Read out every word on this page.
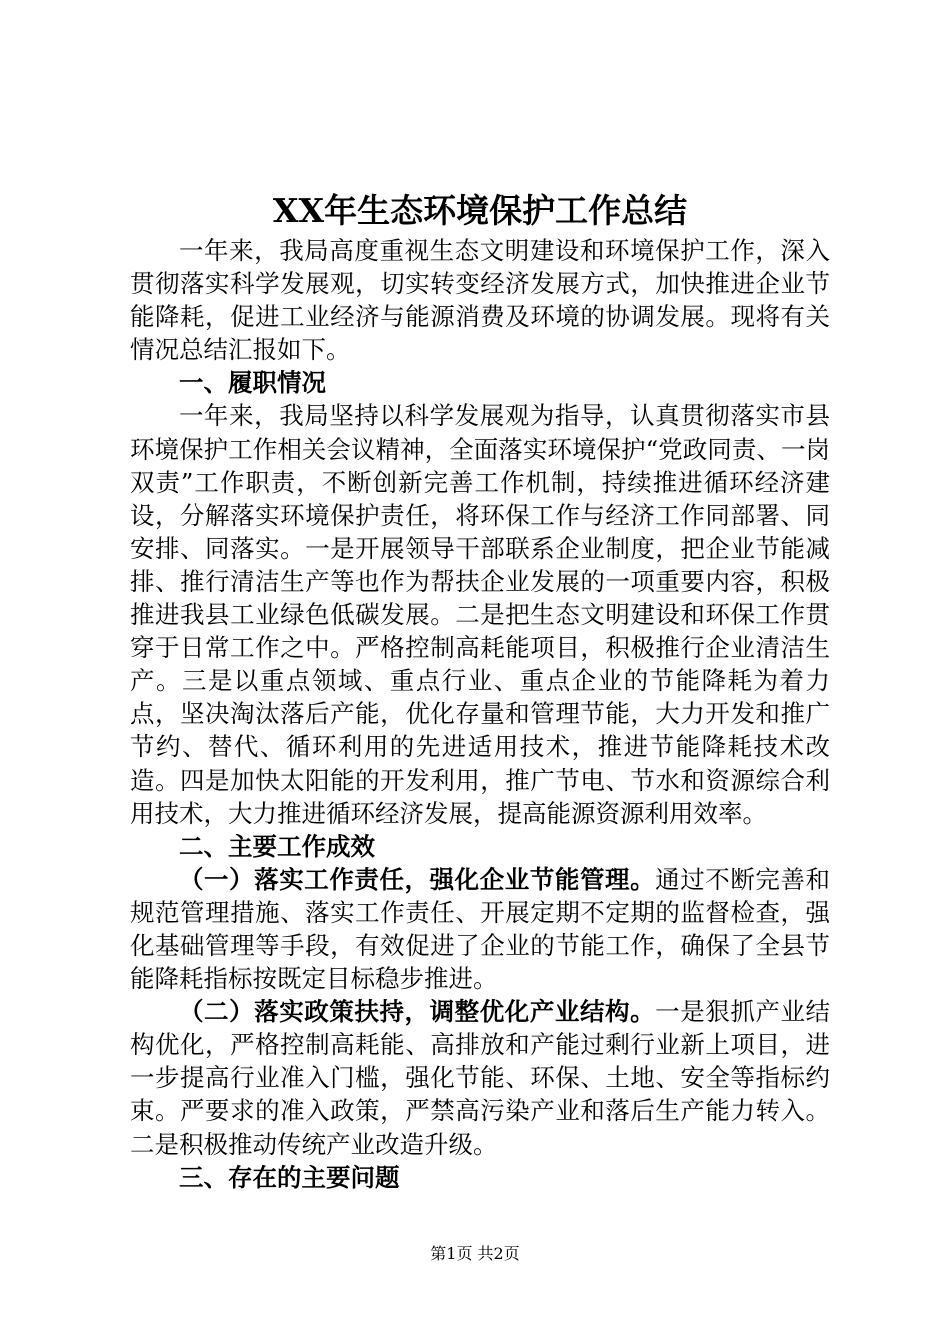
XX年生态环境保护工作总结

一年来，我局高度重视生态文明建设和环境保护工作，深入贯彻落实科学发展观，切实转变经济发展方式，加快推进企业节能降耗，促进工业经济与能源消费及环境的协调发展。现将有关情况总结汇报如下。

一、履职情况

一年来，我局坚持以科学发展观为指导，认真贯彻落实市县环境保护工作相关会议精神，全面落实环境保护“党政同责、一岗双责”工作职责，不断创新完善工作机制，持续推进循环经济建设，分解落实环境保护责任，将环保工作与经济工作同部署、同安排、同落实。一是开展领导干部联系企业制度，把企业节能减排、推行清洁生产等也作为帮扶企业发展的一项重要内容，积极推进我县工业绿色低碳发展。二是把生态文明建设和环保工作贯穿于日常工作之中。严格控制高耗能项目，积极推行企业清洁生产。三是以重点领域、重点行业、重点企业的节能降耗为着力点，坚决淘汰落后产能，优化存量和管理节能，大力开发和推广节约、替代、循环利用的先进适用技术，推进节能降耗技术改造。四是加快太阳能的开发利用，推广节电、节水和资源综合利用技术，大力推进循环经济发展，提高能源资源利用效率。

二、主要工作成效

（一）落实工作责任，强化企业节能管理。通过不断完善和规范管理措施、落实工作责任、开展定期不定期的监督检查，强化基础管理等手段，有效促进了企业的节能工作，确保了全县节能降耗指标按既定目标稳步推进。

（二）落实政策扶持，调整优化产业结构。一是狠抓产业结构优化，严格控制高耗能、高排放和产能过剩行业新上项目，进一步提高行业准入门槛，强化节能、环保、土地、安全等指标约束。严要求的准入政策，严禁高污染产业和落后生产能力转入。二是积极推动传统产业改造升级。

三、存在的主要问题

第1页 共2页
